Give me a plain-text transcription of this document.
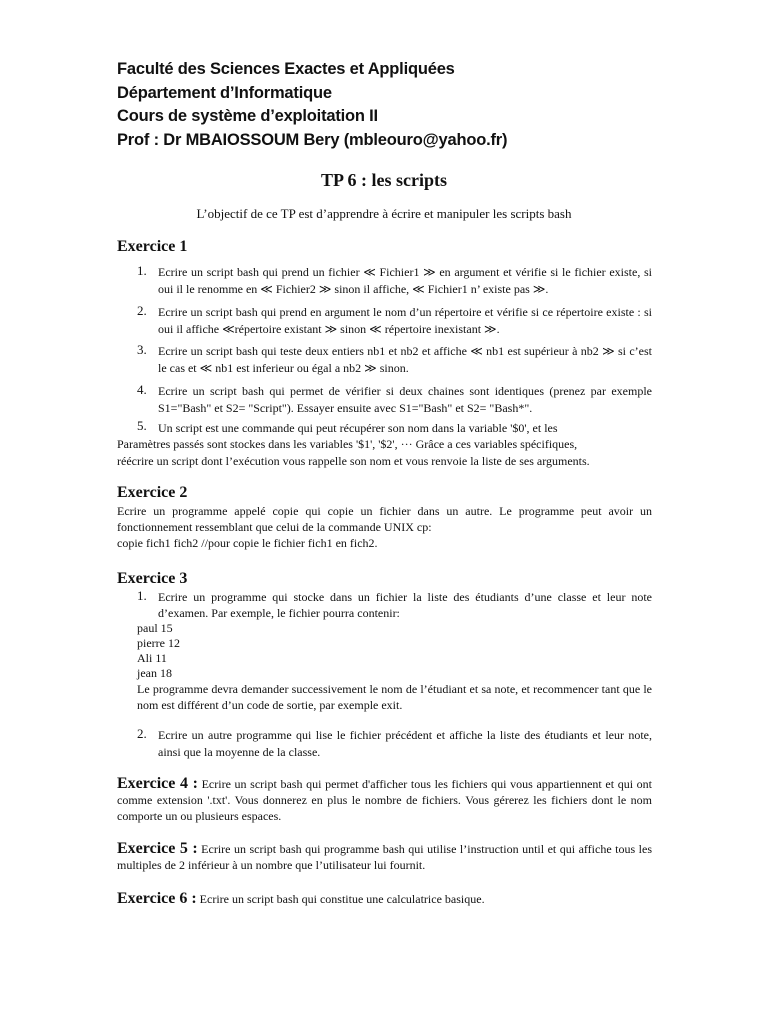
Faculté des Sciences Exactes et Appliquées
Département d’Informatique
Cours de système d’exploitation II
Prof : Dr MBAIOSSOUM Bery (mbleouro@yahoo.fr)
TP 6 : les scripts
L’objectif de ce TP est d’apprendre à écrire et manipuler les scripts bash
Exercice 1
1. Ecrire un script bash qui prend un fichier ≪ Fichier1 ≫ en argument et vérifie si le fichier existe, si oui il le renomme en ≪ Fichier2 ≫ sinon il affiche, ≪ Fichier1 n’ existe pas ≫.
2. Ecrire un script bash qui prend en argument le nom d’un répertoire et vérifie si ce répertoire existe : si oui il affiche ≪répertoire existant ≫ sinon ≪ répertoire inexistant ≫.
3. Ecrire un script bash qui teste deux entiers nb1 et nb2 et affiche ≪ nb1 est supérieur à nb2 ≫ si c’est le cas et ≪ nb1 est inferieur ou égal a nb2 ≫ sinon.
4. Ecrire un script bash qui permet de vérifier si deux chaines sont identiques (prenez par exemple S1="Bash" et S2= "Script"). Essayer ensuite avec S1="Bash" et S2= "Bash*".
5. Un script est une commande qui peut récupérer son nom dans la variable '$0', et les
Paramètres passés sont stockes dans les variables '$1', '$2', ··· Grâce a ces variables spécifiques,
réécrire un script dont l’exécution vous rappelle son nom et vous renvoie la liste de ses arguments.
Exercice 2
Ecrire un programme appelé copie qui copie un fichier dans un autre. Le programme peut avoir un fonctionnement ressemblant que celui de la commande UNIX cp:
copie fich1 fich2 //pour copie le fichier fich1 en fich2.
Exercice 3
1. Ecrire un programme qui stocke dans un fichier la liste des étudiants d’une classe et leur note d’examen. Par exemple, le fichier pourra contenir:
paul 15
pierre 12
Ali 11
jean 18
Le programme devra demander successivement le nom de l’étudiant et sa note, et recommencer tant que le nom est différent d’un code de sortie, par exemple exit.
2. Ecrire un autre programme qui lise le fichier précédent et affiche la liste des étudiants et leur note, ainsi que la moyenne de la classe.
Exercice 4 : Ecrire un script bash qui permet d'afficher tous les fichiers qui vous appartiennent et qui ont comme extension '.txt'. Vous donnerez en plus le nombre de fichiers. Vous gérerez les fichiers dont le nom comporte un ou plusieurs espaces.
Exercice 5 : Ecrire un script bash qui programme bash qui utilise l’instruction until et qui affiche tous les multiples de 2 inférieur à un nombre que l’utilisateur lui fournit.
Exercice 6 : Ecrire un script bash qui constitue une calculatrice basique.
